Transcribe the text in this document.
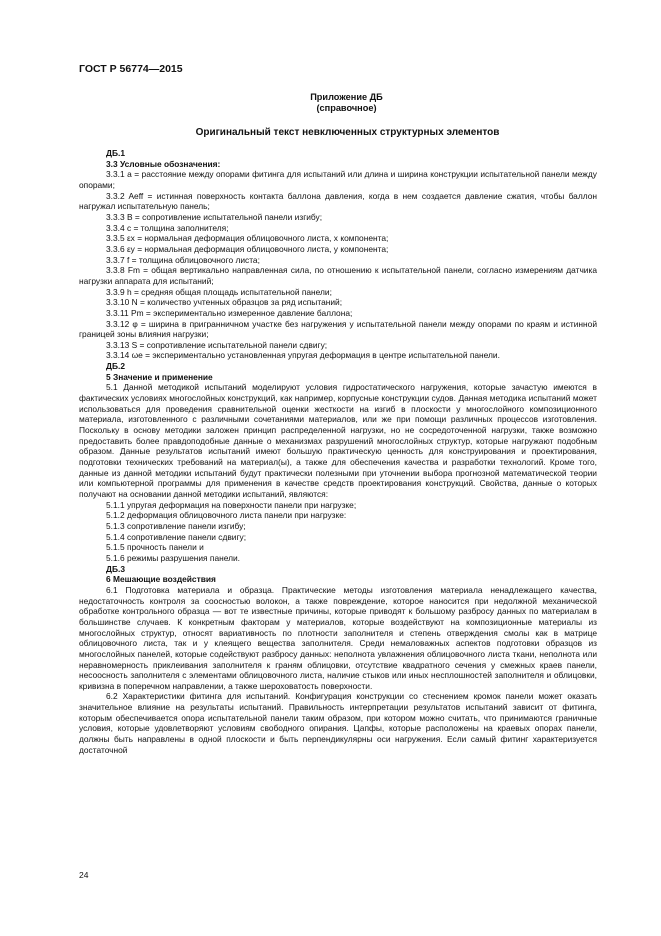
ГОСТ Р 56774—2015
Приложение ДБ
(справочное)
Оригинальный текст невключенных структурных элементов

ДБ.1

3.3 Условные обозначения:

3.3.1 a = расстояние между опорами фитинга для испытаний или длина и ширина конструкции испытательной панели между опорами;

3.3.2 Aeff = истинная поверхность контакта баллона давления, когда в нем создается давление сжатия, чтобы баллон нагружал испытательную панель;

3.3.3 B = сопротивление испытательной панели изгибу;

3.3.4 c = толщина заполнителя;

3.3.5 εx = нормальная деформация облицовочного листа, x компонента;

3.3.6 εy = нормальная деформация облицовочного листа, y компонента;

3.3.7 f = толщина облицовочного листа;

3.3.8 Fm = общая вертикально направленная сила, по отношению к испытательной панели, согласно измерениям датчика нагрузки аппарата для испытаний;

3.3.9 h = средняя общая площадь испытательной панели;

3.3.10 N = количество учтенных образцов за ряд испытаний;

3.3.11 Pm = экспериментально измеренное давление баллона;

3.3.12 φ = ширина в пригранничном участке без нагружения у испытательной панели между опорами по краям и истинной границей зоны влияния нагрузки;

3.3.13 S = сопротивление испытательной панели сдвигу;

3.3.14 ωe = экспериментально установленная упругая деформация в центре испытательной панели.

ДБ.2

5 Значение и применение

5.1 Данной методикой испытаний моделируют условия гидростатического нагружения, которые зачастую имеются в фактических условиях многослойных конструкций, как например, корпусные конструкции судов. Данная методика испытаний может использоваться для проведения сравнительной оценки жесткости на изгиб в плоскости у многослойного композиционного материала, изготовленного с различными сочетаниями материалов, или же при помощи различных процессов изготовления. Поскольку в основу методики заложен принцип распределенной нагрузки, но не сосредоточенной нагрузки, также возможно предоставить более правдоподобные данные о механизмах разрушений многослойных структур, которые нагружают подобным образом. Данные результатов испытаний имеют большую практическую ценность для конструирования и проектирования, подготовки технических требований на материал(ы), а также для обеспечения качества и разработки технологий. Кроме того, данные из данной методики испытаний будут практически полезными при уточнении выбора прогнозной математической теории или компьютерной программы для применения в качестве средств проектирования конструкций. Свойства, данные о которых получают на основании данной методики испытаний, являются:

5.1.1 упругая деформация на поверхности панели при нагрузке;

5.1.2 деформация облицовочного листа панели при нагрузке:

5.1.3 сопротивление панели изгибу;

5.1.4 сопротивление панели сдвигу;

5.1.5 прочность панели и

5.1.6 режимы разрушения панели.

ДБ.3

6 Мешающие воздействия

6.1 Подготовка материала и образца. Практические методы изготовления материала ненадлежащего качества, недостаточность контроля за соосностью волокон, а также повреждение, которое наносится при недолжной механической обработке контрольного образца — вот те известные причины, которые приводят к большому разбросу данных по материалам в большинстве случаев. К конкретным факторам у материалов, которые воздействуют на композиционные материалы из многослойных структур, относят вариативность по плотности заполнителя и степень отверждения смолы как в матрице облицовочного листа, так и у клеящего вещества заполнителя. Среди немаловажных аспектов подготовки образцов из многослойных панелей, которые содействуют разбросу данных: неполнота увлажнения облицовочного листа ткани, неполнота или неравномерность приклеивания заполнителя к граням облицовки, отсутствие квадратного сечения у смежных краев панели, несоосность заполнителя с элементами облицовочного листа, наличие стыков или иных несплошностей заполнителя и облицовки, кривизна в поперечном направлении, а также шероховатость поверхности.

6.2 Характеристики фитинга для испытаний. Конфигурация конструкции со стеснением кромок панели может оказать значительное влияние на результаты испытаний. Правильность интерпретации результатов испытаний зависит от фитинга, которым обеспечивается опора испытательной панели таким образом, при котором можно считать, что принимаются граничные условия, которые удовлетворяют условиям свободного опирания. Цапфы, которые расположены на краевых опорах панели, должны быть направлены в одной плоскости и быть перпендикулярны оси нагружения. Если самый фитинг характеризуется достаточной

24
